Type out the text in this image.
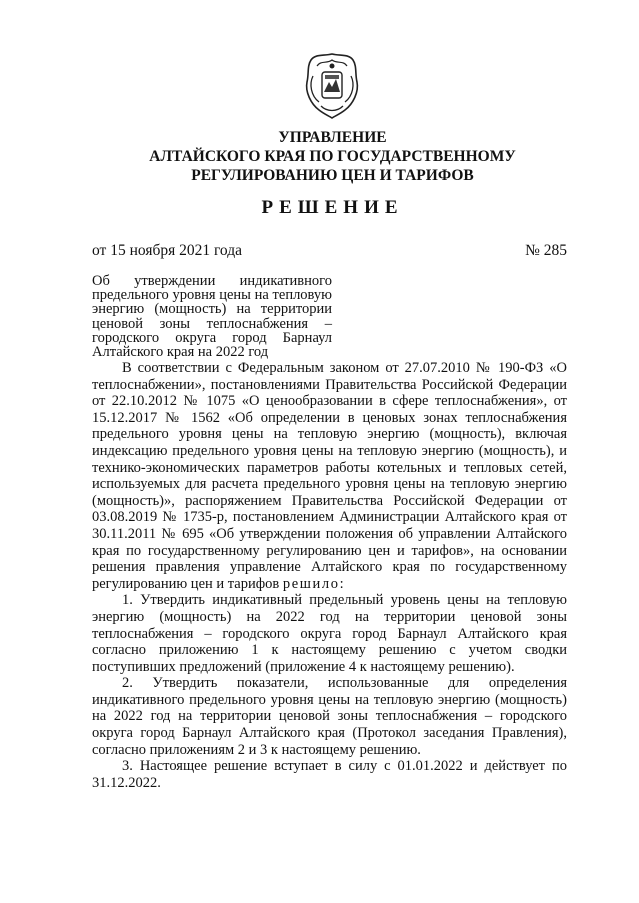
УПРАВЛЕНИЕ
АЛТАЙСКОГО КРАЯ ПО ГОСУДАРСТВЕННОМУ
РЕГУЛИРОВАНИЮ ЦЕН И ТАРИФОВ
РЕШЕНИЕ
от 15 ноября 2021 года	№ 285
Об утверждении индикативного предельного уровня цены на тепловую энергию (мощность) на территории ценовой зоны теплоснабжения – городского округа город Барнаул Алтайского края на 2022 год

В соответствии с Федеральным законом от 27.07.2010 № 190-ФЗ «О теплоснабжении», постановлениями Правительства Российской Федерации от 22.10.2012 № 1075 «О ценообразовании в сфере теплоснабжения», от 15.12.2017 № 1562 «Об определении в ценовых зонах теплоснабжения предельного уровня цены на тепловую энергию (мощность), включая индексацию предельного уровня цены на тепловую энергию (мощность), и технико-экономических параметров работы котельных и тепловых сетей, используемых для расчета предельного уровня цены на тепловую энергию (мощность)», распоряжением Правительства Российской Федерации от 03.08.2019 № 1735-р, постановлением Администрации Алтайского края от 30.11.2011 № 695 «Об утверждении положения об управлении Алтайского края по государственному регулированию цен и тарифов», на основании решения правления управление Алтайского края по государственному регулированию цен и тарифов решило:

1. Утвердить индикативный предельный уровень цены на тепловую энергию (мощность) на 2022 год на территории ценовой зоны теплоснабжения – городского округа город Барнаул Алтайского края согласно приложению 1 к настоящему решению с учетом сводки поступивших предложений (приложение 4 к настоящему решению).

2. Утвердить показатели, использованные для определения индикативного предельного уровня цены на тепловую энергию (мощность) на 2022 год на территории ценовой зоны теплоснабжения – городского округа город Барнаул Алтайского края (Протокол заседания Правления), согласно приложениям 2 и 3 к настоящему решению.

3. Настоящее решение вступает в силу с 01.01.2022 и действует по 31.12.2022.
